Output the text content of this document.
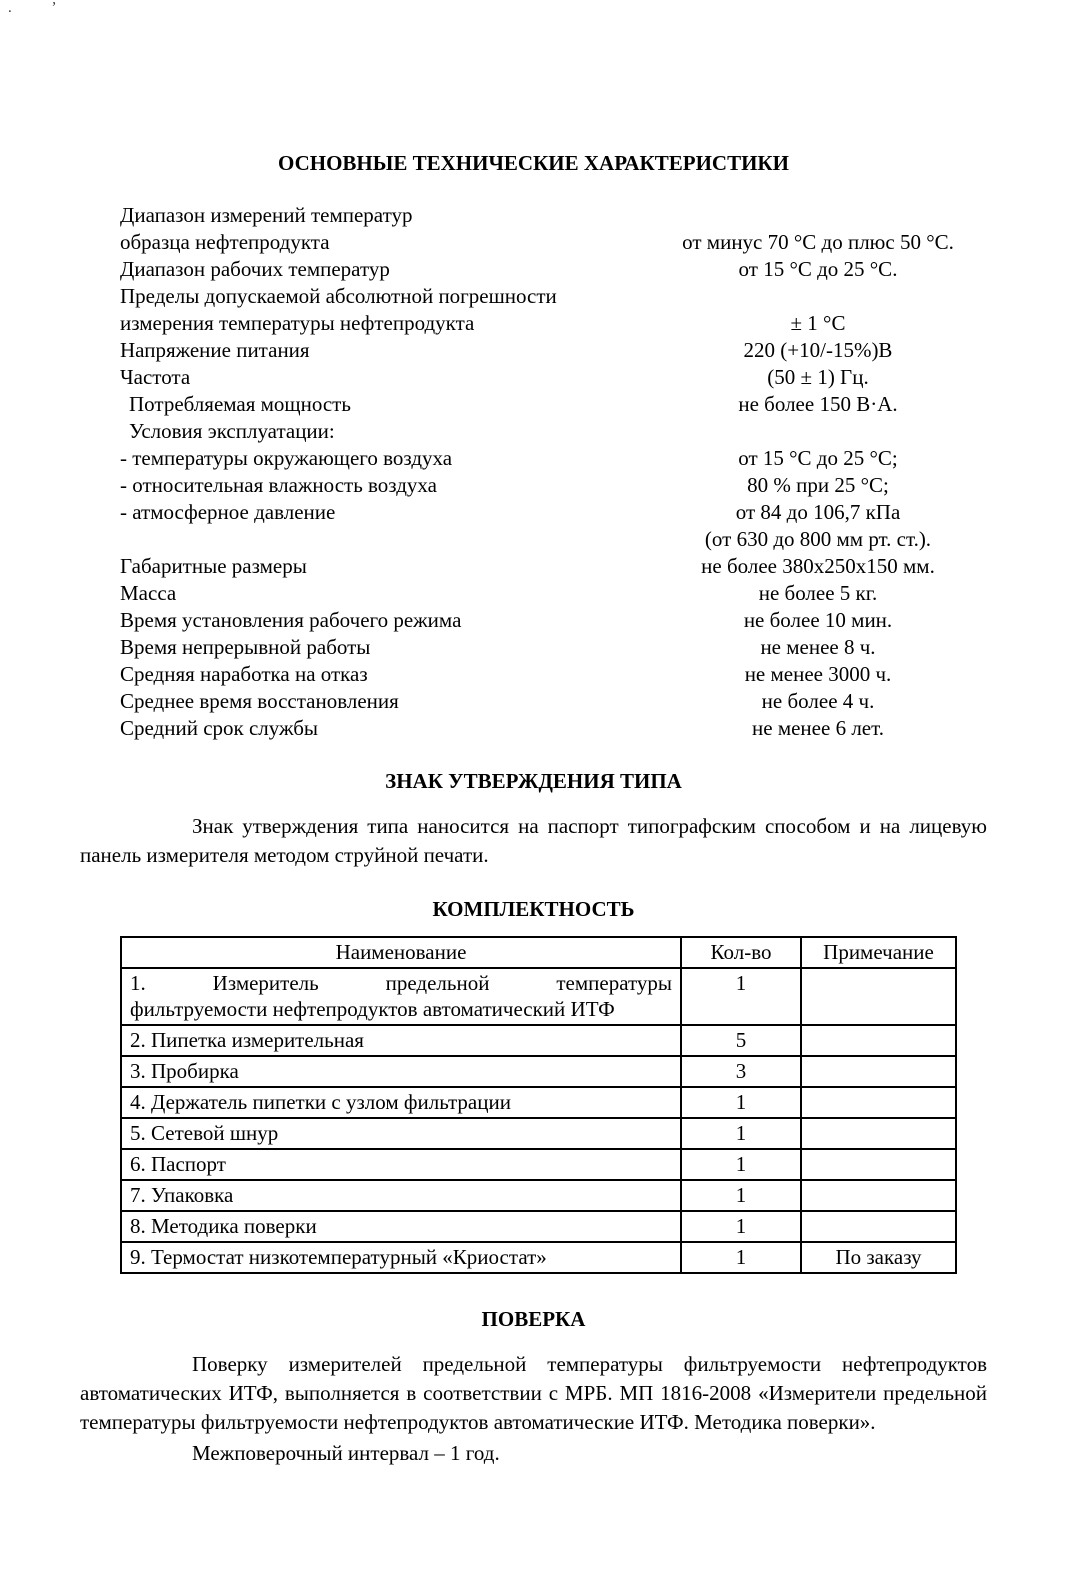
. ʼ
ОСНОВНЫЕ ТЕХНИЧЕСКИЕ ХАРАКТЕРИСТИКИ
Диапазон измерений температур
образца нефтепродукта	от минус 70 °С до плюс 50 °С.
Диапазон рабочих температур	от 15 °С до 25 °С.
Пределы допускаемой абсолютной погрешности
измерения температуры нефтепродукта	± 1 °С
Напряжение питания	220 (+10/-15%)В
Частота	(50 ± 1) Гц.
Потребляемая мощность	не более 150 В·А.
Условия эксплуатации:
- температуры окружающего воздуха	от 15 °С до 25 °С;
- относительная влажность воздуха	80 % при 25 °С;
- атмосферное давление	от 84 до 106,7 кПа
(от 630 до 800 мм рт. ст.).
Габаритные размеры	не более 380х250х150 мм.
Масса	не более 5 кг.
Время установления рабочего режима	не более 10 мин.
Время непрерывной работы	не менее 8 ч.
Средняя наработка на отказ	не менее 3000 ч.
Среднее время восстановления	не более 4 ч.
Средний срок службы	не менее 6 лет.
ЗНАК УТВЕРЖДЕНИЯ ТИПА

Знак утверждения типа наносится на паспорт типографским способом и на лицевую панель измерителя методом струйной печати.

КОМПЛЕКТНОСТЬ
Наименование	Кол-во	Примечание

1. Измеритель предельной температуры
фильтруемости нефтепродуктов автоматический ИТФ	1	
2. Пипетка измерительная	5	
3. Пробирка	3	
4. Держатель пипетки с узлом фильтрации	1	
5. Сетевой шнур	1	
6. Паспорт	1	
7. Упаковка	1	
8. Методика поверки	1	
9. Термостат низкотемпературный «Криостат»	1	По заказу
ПОВЕРКА

Поверку измерителей предельной температуры фильтруемости нефтепродуктов автоматических ИТФ, выполняется в соответствии с МРБ. МП 1816-2008 «Измерители предельной температуры фильтруемости нефтепродуктов автоматические ИТФ. Методика поверки».

Межповерочный интервал – 1 год.
